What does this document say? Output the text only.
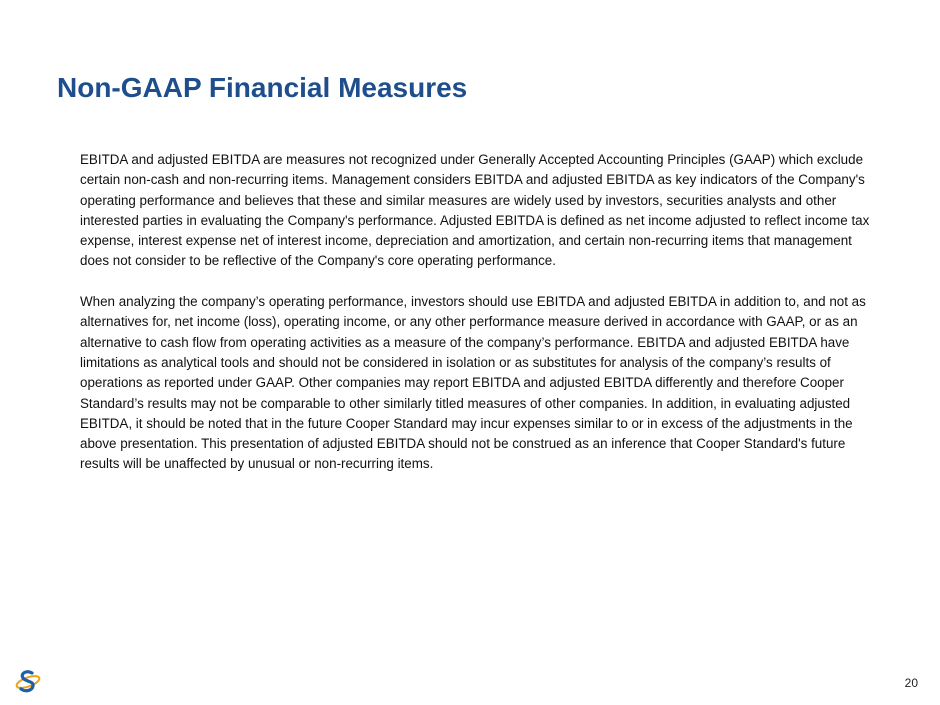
Non-GAAP Financial Measures

EBITDA and adjusted EBITDA are measures not recognized under Generally Accepted Accounting Principles (GAAP) which exclude certain non-cash and non-recurring items. Management considers EBITDA and adjusted EBITDA as key indicators of the Company's operating performance and believes that these and similar measures are widely used by investors, securities analysts and other interested parties in evaluating the Company's performance. Adjusted EBITDA is defined as net income adjusted to reflect income tax expense, interest expense net of interest income, depreciation and amortization, and certain non-recurring items that management does not consider to be reflective of the Company's core operating performance.

When analyzing the company’s operating performance, investors should use EBITDA and adjusted EBITDA in addition to, and not as alternatives for, net income (loss), operating income, or any other performance measure derived in accordance with GAAP, or as an alternative to cash flow from operating activities as a measure of the company’s performance. EBITDA and adjusted EBITDA have limitations as analytical tools and should not be considered in isolation or as substitutes for analysis of the company’s results of operations as reported under GAAP. Other companies may report EBITDA and adjusted EBITDA differently and therefore Cooper Standard’s results may not be comparable to other similarly titled measures of other companies. In addition, in evaluating adjusted EBITDA, it should be noted that in the future Cooper Standard may incur expenses similar to or in excess of the adjustments in the above presentation. This presentation of adjusted EBITDA should not be construed as an inference that Cooper Standard's future results will be unaffected by unusual or non-recurring items.

20
